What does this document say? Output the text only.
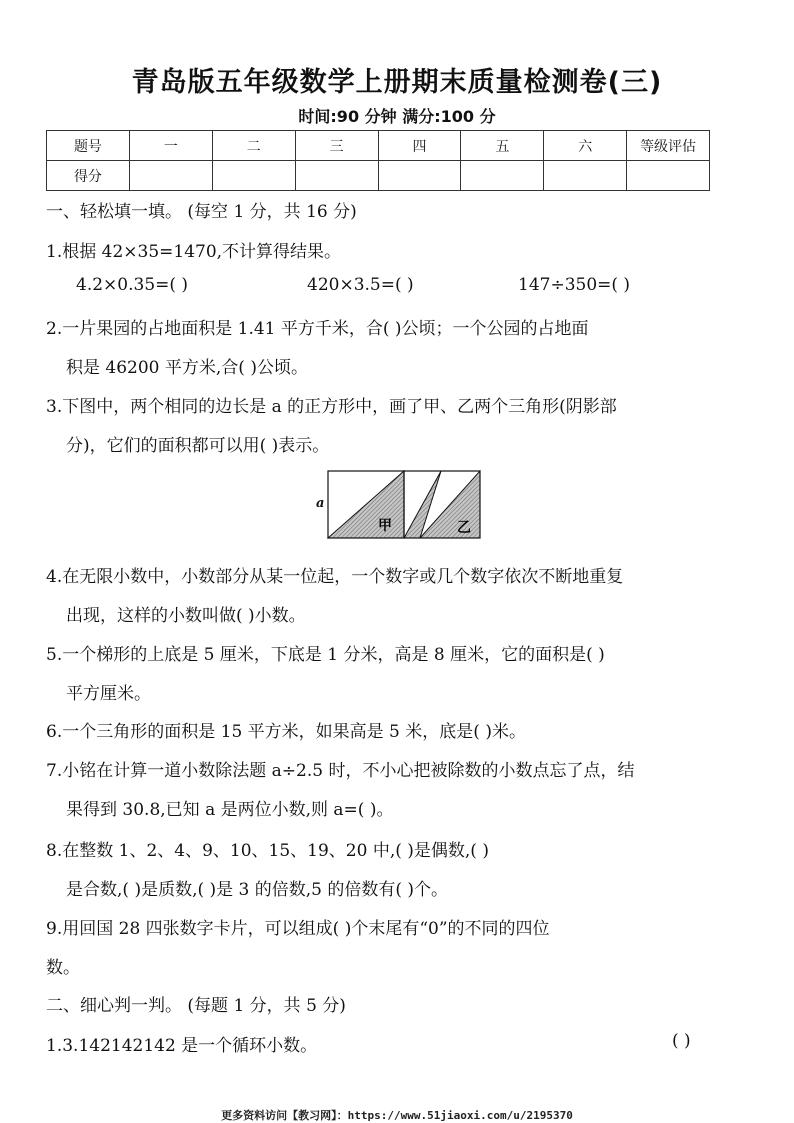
青岛版五年级数学上册期末质量检测卷(三)
时间:90 分钟 满分:100 分
题号	一	二	三	四	五	六	等级评估
得分							
一、轻松填一填。 (每空 1 分，共 16 分)
1.根据 42×35=1470,不计算得结果。
4.2×0.35=( )	420×3.5=( )	147÷350=( )
2.一片果园的占地面积是 1.41 平方千米，合( )公顷；一个公园的占地面
积是 46200 平方米,合( )公顷。
3.下图中，两个相同的边长是 a 的正方形中，画了甲、乙两个三角形(阴影部
分)，它们的面积都可以用( )表示。
a
甲	乙
4.在无限小数中，小数部分从某一位起，一个数字或几个数字依次不断地重复
出现，这样的小数叫做( )小数。
5.一个梯形的上底是 5 厘米，下底是 1 分米，高是 8 厘米，它的面积是( )
平方厘米。
6.一个三角形的面积是 15 平方米，如果高是 5 米，底是( )米。
7.小铭在计算一道小数除法题 a÷2.5 时，不小心把被除数的小数点忘了点，结
果得到 30.8,已知 a 是两位小数,则 a=( )。
8.在整数 1、2、4、9、10、15、19、20 中,( )是偶数,( )
是合数,( )是质数,( )是 3 的倍数,5 的倍数有( )个。
9.用回国 28 四张数字卡片，可以组成( )个末尾有“0”的不同的四位
数。
二、细心判一判。 (每题 1 分，共 5 分)
1.3.142142142 是一个循环小数。	( )
更多资料访问【教习网】：https://www.51jiaoxi.com/u/2195370
